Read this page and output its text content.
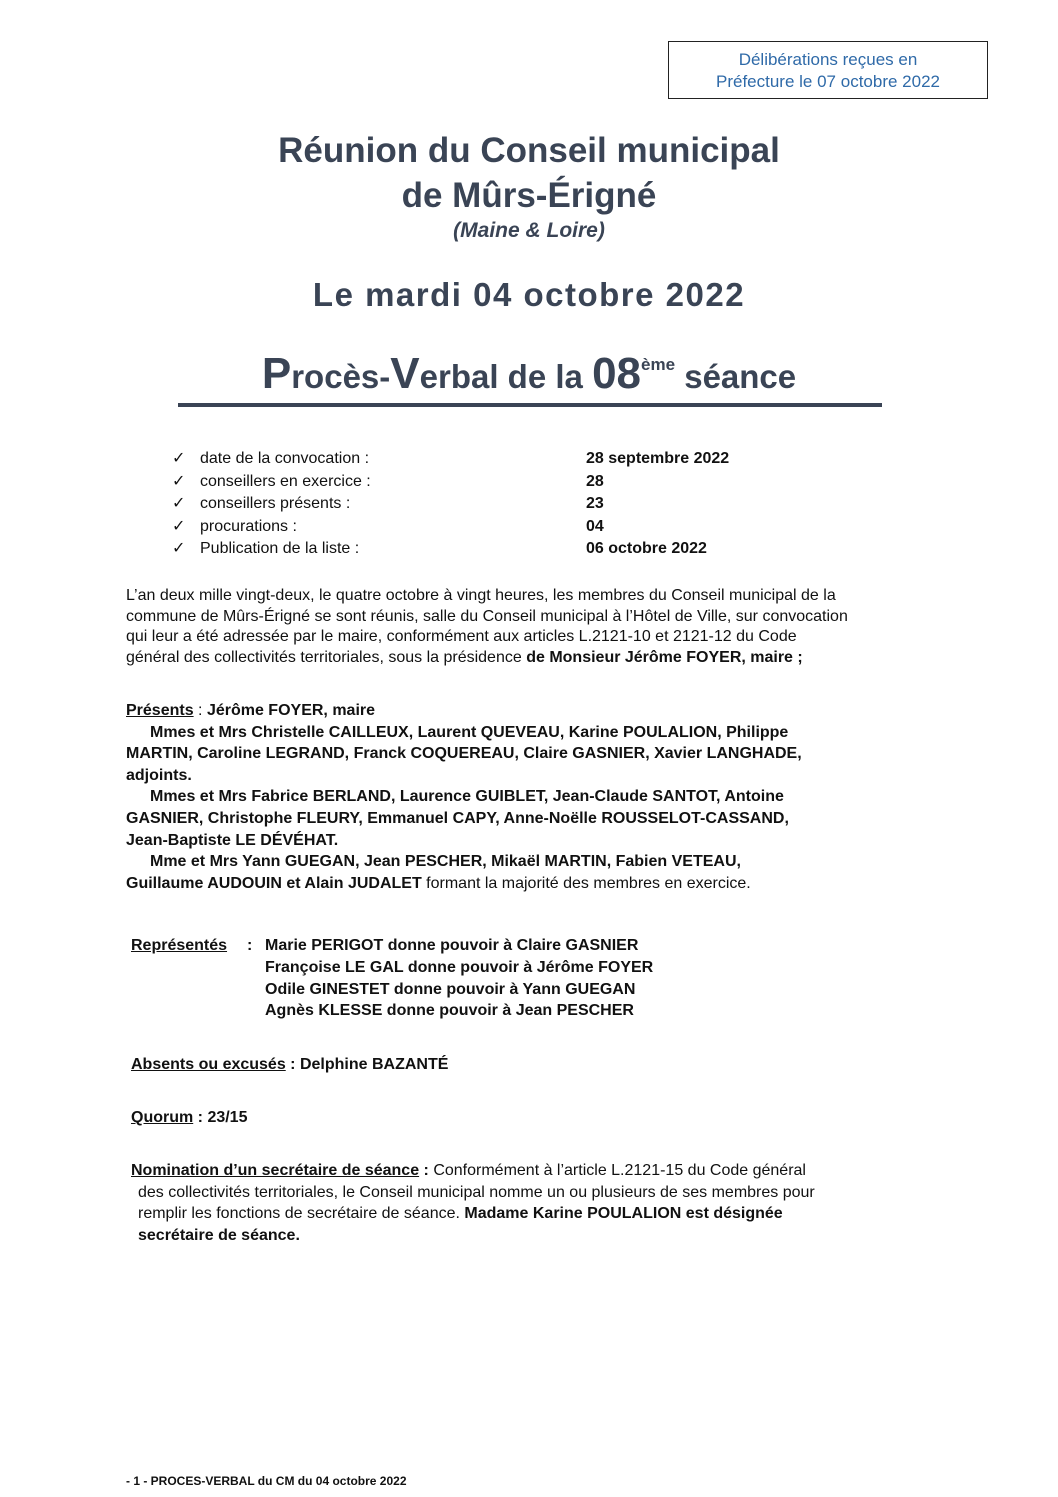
Délibérations reçues en
Préfecture le 07 octobre 2022
Réunion du Conseil municipal
de Mûrs-Érigné
(Maine & Loire)
Le mardi 04 octobre 2022
Procès-Verbal de la 08ème séance
✓ date de la convocation :	28 septembre 2022
✓ conseillers en exercice :	28
✓ conseillers présents :	23
✓ procurations :	04
✓ Publication de la liste :	06 octobre 2022
L’an deux mille vingt-deux, le quatre octobre à vingt heures, les membres du Conseil municipal de la
commune de Mûrs-Érigné se sont réunis, salle du Conseil municipal à l’Hôtel de Ville, sur convocation
qui leur a été adressée par le maire, conformément aux articles L.2121-10 et 2121-12 du Code
général des collectivités territoriales, sous la présidence de Monsieur Jérôme FOYER, maire ;
Présents : Jérôme FOYER, maire
Mmes et Mrs Christelle CAILLEUX, Laurent QUEVEAU, Karine POULALION, Philippe
MARTIN, Caroline LEGRAND, Franck COQUEREAU, Claire GASNIER, Xavier LANGHADE,
adjoints.
Mmes et Mrs Fabrice BERLAND, Laurence GUIBLET, Jean-Claude SANTOT, Antoine
GASNIER, Christophe FLEURY, Emmanuel CAPY, Anne-Noëlle ROUSSELOT-CASSAND,
Jean-Baptiste LE DÉVÉHAT.
Mme et Mrs Yann GUEGAN, Jean PESCHER, Mikaël MARTIN, Fabien VETEAU,
Guillaume AUDOUIN et Alain JUDALET formant la majorité des membres en exercice.
Représentés : Marie PERIGOT donne pouvoir à Claire GASNIER
Françoise LE GAL donne pouvoir à Jérôme FOYER
Odile GINESTET donne pouvoir à Yann GUEGAN
Agnès KLESSE donne pouvoir à Jean PESCHER
Absents ou excusés : Delphine BAZANTÉ
Quorum : 23/15
Nomination d’un secrétaire de séance : Conformément à l’article L.2121-15 du Code général
des collectivités territoriales, le Conseil municipal nomme un ou plusieurs de ses membres pour
remplir les fonctions de secrétaire de séance. Madame Karine POULALION est désignée
secrétaire de séance.
- 1 - PROCES-VERBAL du CM du 04 octobre 2022
